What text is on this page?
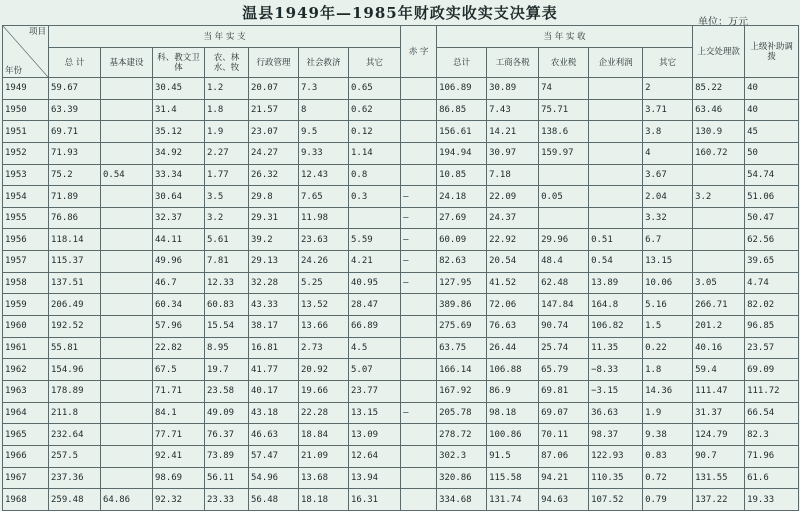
温县1949年—1985年财政实收实支决算表
单位：万元
项目
年份	当 年 实 支							赤 字	当 年 实 收					上交处理款	上级补助调拨
	总 计	基本建设	科、教文卫体	农、林水、牧	行政管理	社会救济	其它		总计	工商各税	农业税	企业利润	其它		
1949	59.67		30.45	1.2	20.07	7.3	0.65		106.89	30.89	74		2	85.22	40
1950	63.39		31.4	1.8	21.57	8	0.62		86.85	7.43	75.71		3.71	63.46	40
1951	69.71		35.12	1.9	23.07	9.5	0.12		156.61	14.21	138.6		3.8	130.9	45
1952	71.93		34.92	2.27	24.27	9.33	1.14		194.94	30.97	159.97		4	160.72	50
1953	75.2	0.54	33.34	1.77	26.32	12.43	0.8		10.85	7.18			3.67		54.74
1954	71.89		30.64	3.5	29.8	7.65	0.3	—	24.18	22.09	0.05		2.04	3.2	51.06
1955	76.86		32.37	3.2	29.31	11.98		—	27.69	24.37			3.32		50.47
1956	118.14		44.11	5.61	39.2	23.63	5.59	—	60.09	22.92	29.96	0.51	6.7		62.56
1957	115.37		49.96	7.81	29.13	24.26	4.21	—	82.63	20.54	48.4	0.54	13.15		39.65
1958	137.51		46.7	12.33	32.28	5.25	40.95	—	127.95	41.52	62.48	13.89	10.06	3.05	4.74
1959	206.49		60.34	60.83	43.33	13.52	28.47		389.86	72.06	147.84	164.8	5.16	266.71	82.02
1960	192.52		57.96	15.54	38.17	13.66	66.89		275.69	76.63	90.74	106.82	1.5	201.2	96.85
1961	55.81		22.82	8.95	16.81	2.73	4.5		63.75	26.44	25.74	11.35	0.22	40.16	23.57
1962	154.96		67.5	19.7	41.77	20.92	5.07		166.14	106.88	65.79	−8.33	1.8	59.4	69.09
1963	178.89		71.71	23.58	40.17	19.66	23.77		167.92	86.9	69.81	−3.15	14.36	111.47	111.72
1964	211.8		84.1	49.09	43.18	22.28	13.15	—	205.78	98.18	69.07	36.63	1.9	31.37	66.54
1965	232.64		77.71	76.37	46.63	18.84	13.09		278.72	100.86	70.11	98.37	9.38	124.79	82.3
1966	257.5		92.41	73.89	57.47	21.09	12.64		302.3	91.5	87.06	122.93	0.83	90.7	71.96
1967	237.36		98.69	56.11	54.96	13.68	13.94		320.86	115.58	94.21	110.35	0.72	131.55	61.6
1968	259.48	64.86	92.32	23.33	56.48	18.18	16.31		334.68	131.74	94.63	107.52	0.79	137.22	19.33
